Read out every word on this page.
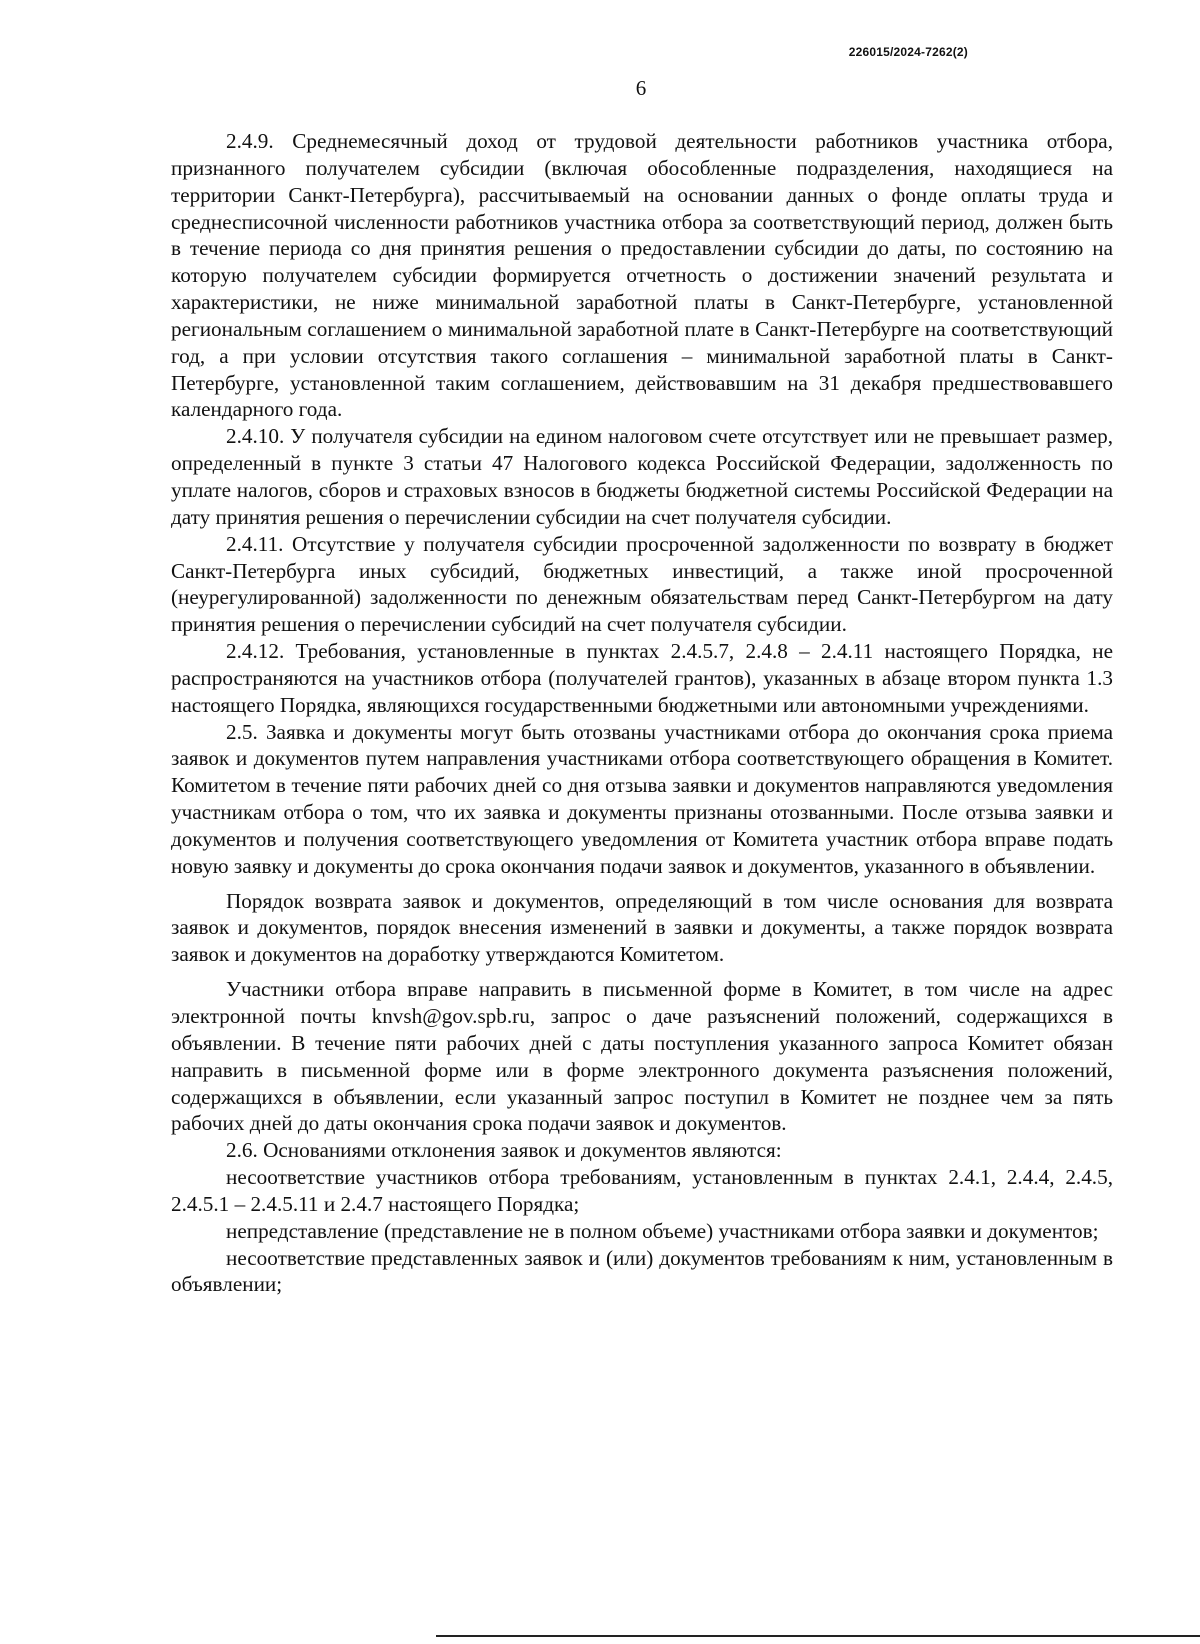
226015/2024-7262(2)
6

2.4.9. Среднемесячный доход от трудовой деятельности работников участника отбора, признанного получателем субсидии (включая обособленные подразделения, находящиеся на территории Санкт-Петербурга), рассчитываемый на основании данных о фонде оплаты труда и среднесписочной численности работников участника отбора за соответствующий период, должен быть в течение периода со дня принятия решения о предоставлении субсидии до даты, по состоянию на которую получателем субсидии формируется отчетность о достижении значений результата и характеристики, не ниже минимальной заработной платы в Санкт-Петербурге, установленной региональным соглашением о минимальной заработной плате в Санкт-Петербурге на соответствующий год, а при условии отсутствия такого соглашения – минимальной заработной платы в Санкт-Петербурге, установленной таким соглашением, действовавшим на 31 декабря предшествовавшего календарного года.

2.4.10. У получателя субсидии на едином налоговом счете отсутствует или не превышает размер, определенный в пункте 3 статьи 47 Налогового кодекса Российской Федерации, задолженность по уплате налогов, сборов и страховых взносов в бюджеты бюджетной системы Российской Федерации на дату принятия решения о перечислении субсидии на счет получателя субсидии.

2.4.11. Отсутствие у получателя субсидии просроченной задолженности по возврату в бюджет Санкт-Петербурга иных субсидий, бюджетных инвестиций, а также иной просроченной (неурегулированной) задолженности по денежным обязательствам перед Санкт-Петербургом на дату принятия решения о перечислении субсидий на счет получателя субсидии.

2.4.12. Требования, установленные в пунктах 2.4.5.7, 2.4.8 – 2.4.11 настоящего Порядка, не распространяются на участников отбора (получателей грантов), указанных в абзаце втором пункта 1.3 настоящего Порядка, являющихся государственными бюджетными или автономными учреждениями.

2.5. Заявка и документы могут быть отозваны участниками отбора до окончания срока приема заявок и документов путем направления участниками отбора соответствующего обращения в Комитет. Комитетом в течение пяти рабочих дней со дня отзыва заявки и документов направляются уведомления участникам отбора о том, что их заявка и документы признаны отозванными. После отзыва заявки и документов и получения соответствующего уведомления от Комитета участник отбора вправе подать новую заявку и документы до срока окончания подачи заявок и документов, указанного в объявлении.

Порядок возврата заявок и документов, определяющий в том числе основания для возврата заявок и документов, порядок внесения изменений в заявки и документы, а также порядок возврата заявок и документов на доработку утверждаются Комитетом.

Участники отбора вправе направить в письменной форме в Комитет, в том числе на адрес электронной почты knvsh@gov.spb.ru, запрос о даче разъяснений положений, содержащихся в объявлении. В течение пяти рабочих дней с даты поступления указанного запроса Комитет обязан направить в письменной форме или в форме электронного документа разъяснения положений, содержащихся в объявлении, если указанный запрос поступил в Комитет не позднее чем за пять рабочих дней до даты окончания срока подачи заявок и документов.

2.6. Основаниями отклонения заявок и документов являются:

несоответствие участников отбора требованиям, установленным в пунктах 2.4.1, 2.4.4, 2.4.5, 2.4.5.1 – 2.4.5.11 и 2.4.7 настоящего Порядка;

непредставление (представление не в полном объеме) участниками отбора заявки и документов;

несоответствие представленных заявок и (или) документов требованиям к ним, установленным в объявлении;
